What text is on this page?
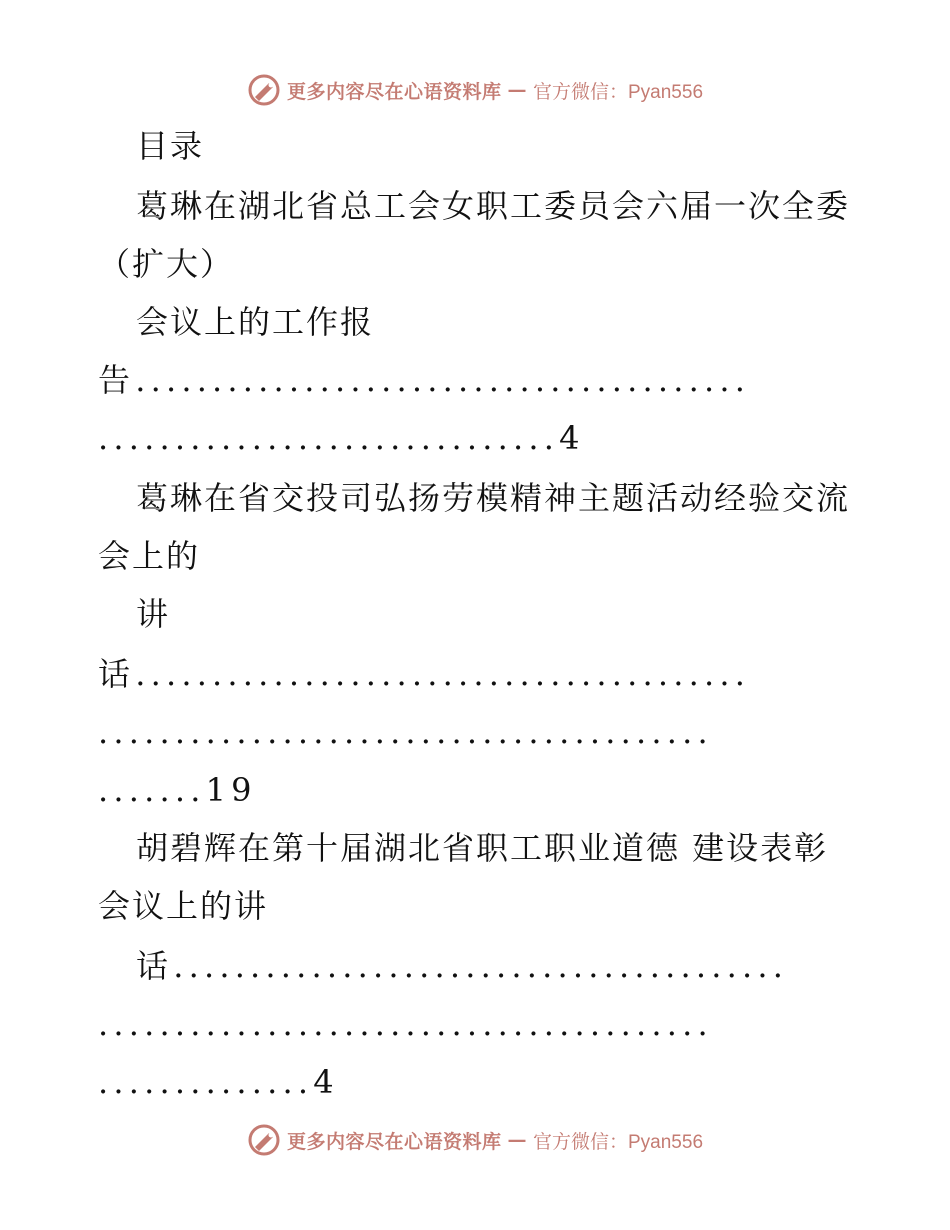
更多内容尽在心语资料库 — 官方微信：Pyan556
目录
葛琳在湖北省总工会女职工委员会六届一次全委
（扩大）
会议上的工作报
告........................................
..............................4
葛琳在省交投司弘扬劳模精神主题活动经验交流
会上的
讲
话........................................
........................................
.......19
胡碧辉在第十届湖北省职工职业道德 建设表彰
会议上的讲
话........................................
........................................
..............4
更多内容尽在心语资料库 — 官方微信：Pyan556
